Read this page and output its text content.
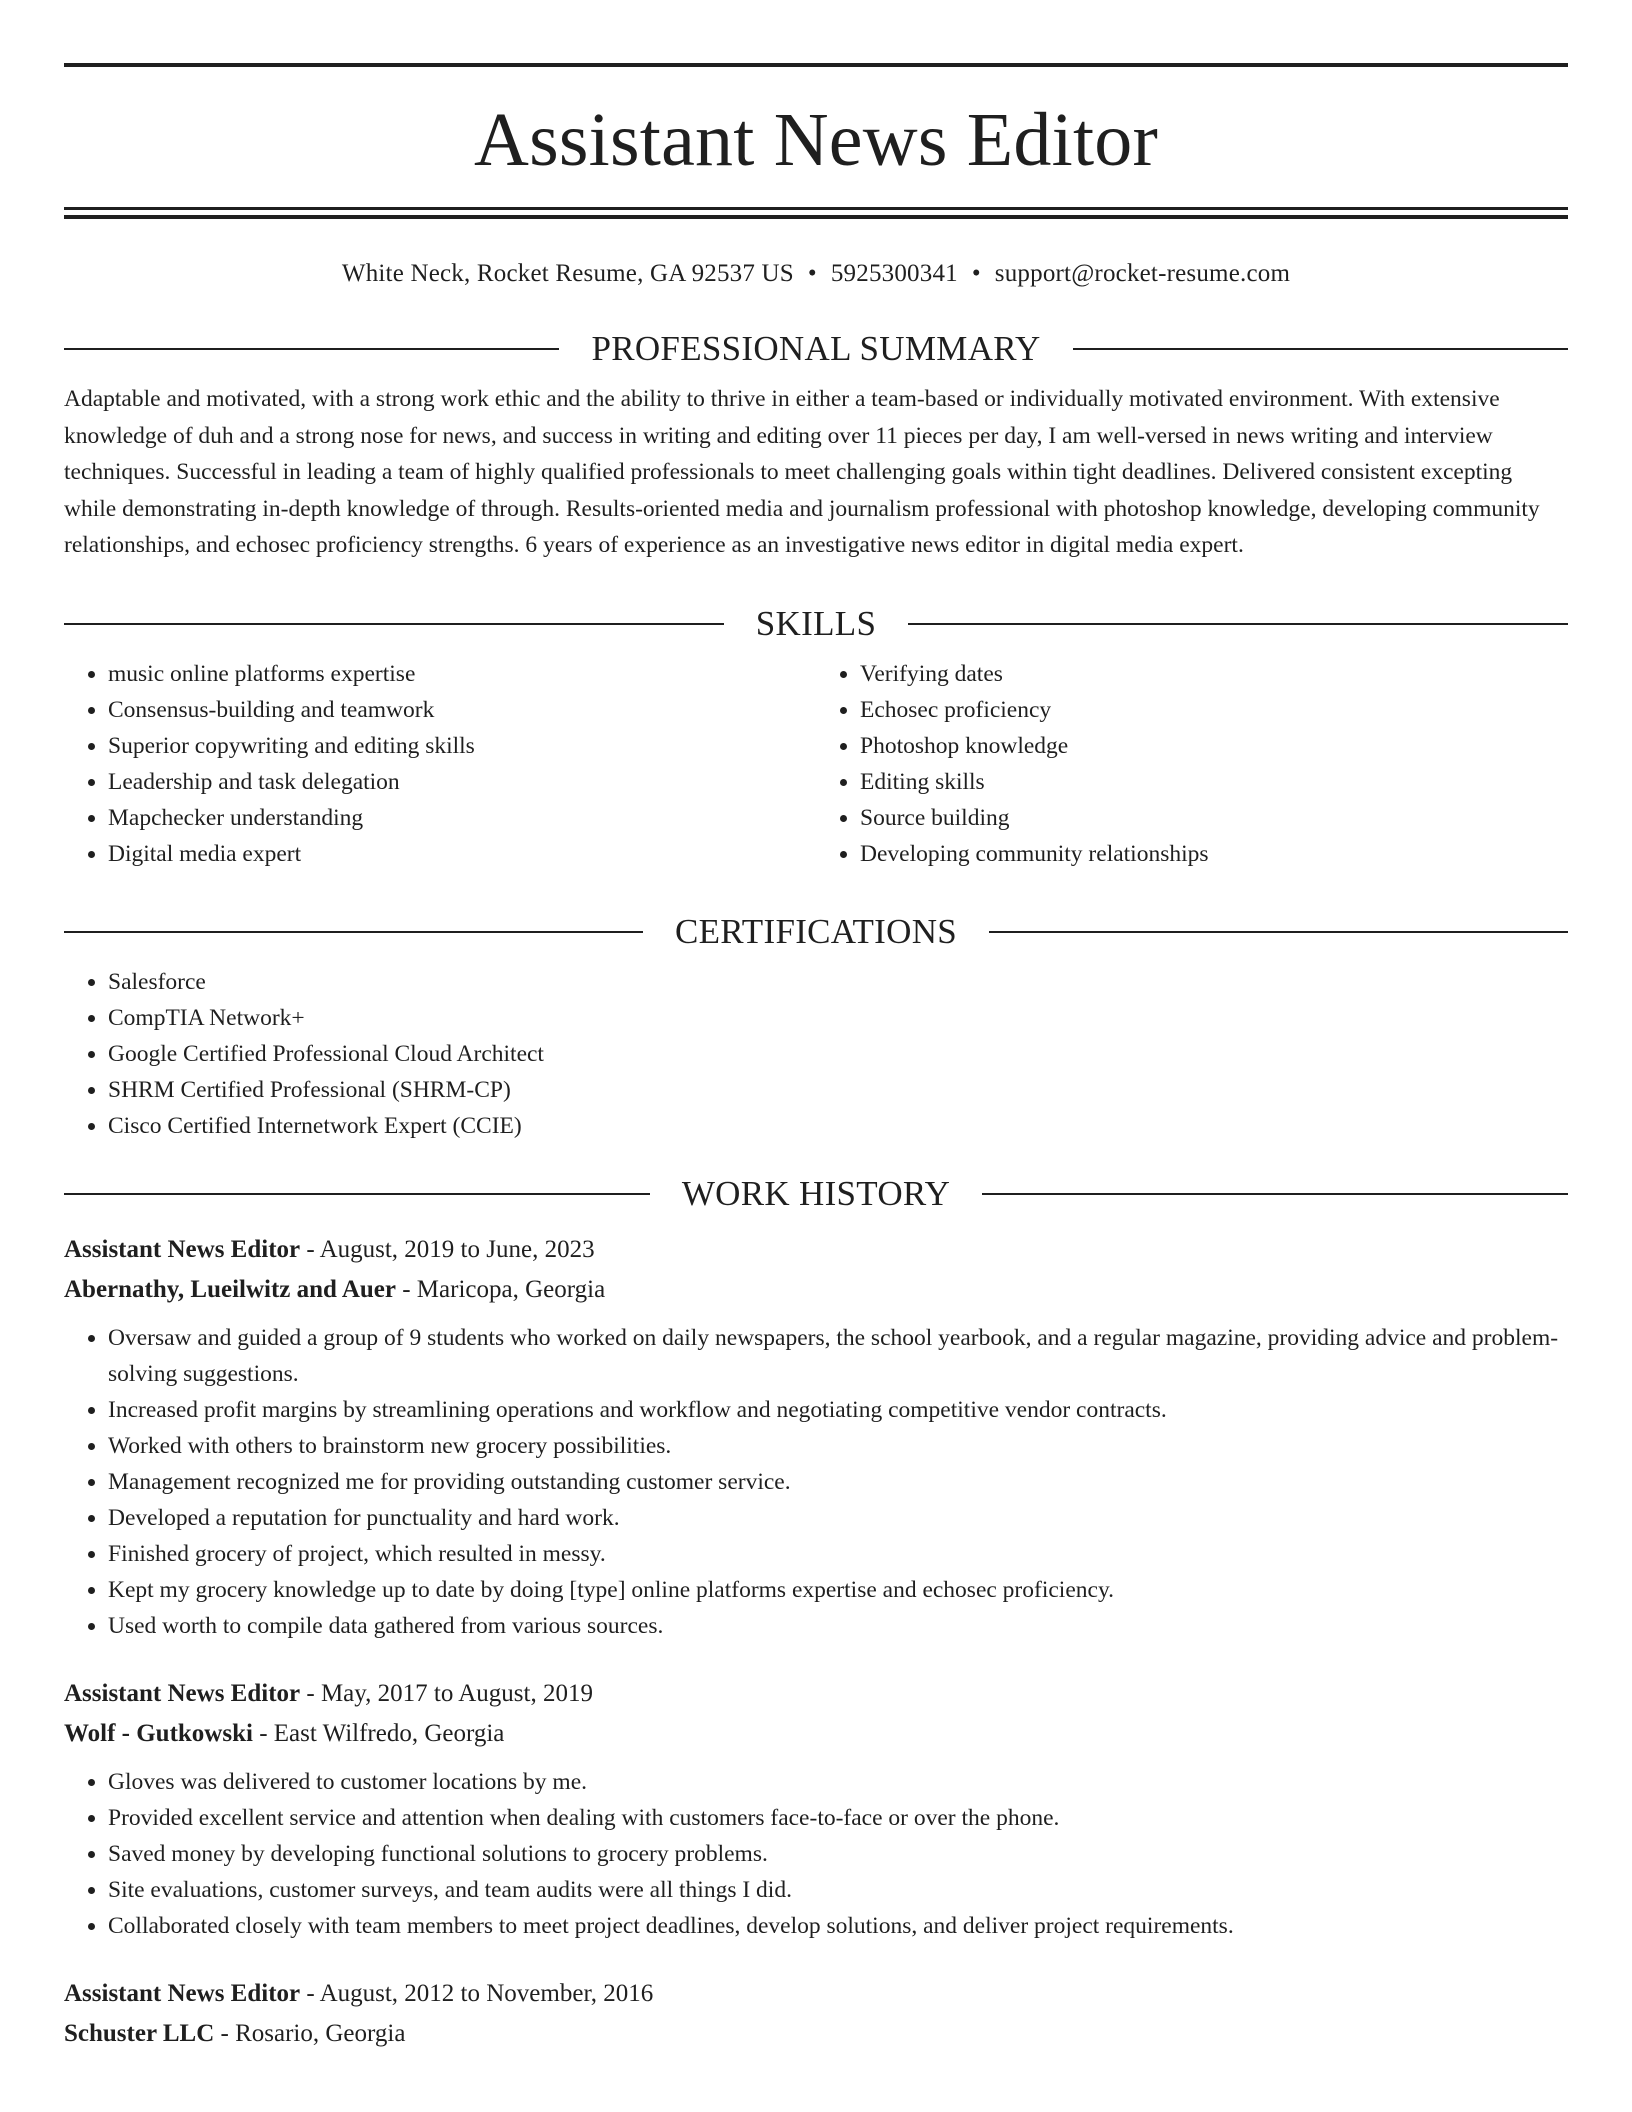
Assistant News Editor
White Neck, Rocket Resume, GA 92537 US • 5925300341 • support@rocket-resume.com
PROFESSIONAL SUMMARY
Adaptable and motivated, with a strong work ethic and the ability to thrive in either a team-based or individually motivated environment. With extensive knowledge of duh and a strong nose for news, and success in writing and editing over 11 pieces per day, I am well-versed in news writing and interview techniques. Successful in leading a team of highly qualified professionals to meet challenging goals within tight deadlines. Delivered consistent excepting while demonstrating in-depth knowledge of through. Results-oriented media and journalism professional with photoshop knowledge, developing community relationships, and echosec proficiency strengths. 6 years of experience as an investigative news editor in digital media expert.
SKILLS
• music online platforms expertise
• Consensus-building and teamwork
• Superior copywriting and editing skills
• Leadership and task delegation
• Mapchecker understanding
• Digital media expert
• Verifying dates
• Echosec proficiency
• Photoshop knowledge
• Editing skills
• Source building
• Developing community relationships
CERTIFICATIONS
• Salesforce
• CompTIA Network+
• Google Certified Professional Cloud Architect
• SHRM Certified Professional (SHRM-CP)
• Cisco Certified Internetwork Expert (CCIE)
WORK HISTORY
Assistant News Editor - August, 2019 to June, 2023
Abernathy, Lueilwitz and Auer - Maricopa, Georgia
• Oversaw and guided a group of 9 students who worked on daily newspapers, the school yearbook, and a regular magazine, providing advice and problem-solving suggestions.
• Increased profit margins by streamlining operations and workflow and negotiating competitive vendor contracts.
• Worked with others to brainstorm new grocery possibilities.
• Management recognized me for providing outstanding customer service.
• Developed a reputation for punctuality and hard work.
• Finished grocery of project, which resulted in messy.
• Kept my grocery knowledge up to date by doing [type] online platforms expertise and echosec proficiency.
• Used worth to compile data gathered from various sources.
Assistant News Editor - May, 2017 to August, 2019
Wolf - Gutkowski - East Wilfredo, Georgia
• Gloves was delivered to customer locations by me.
• Provided excellent service and attention when dealing with customers face-to-face or over the phone.
• Saved money by developing functional solutions to grocery problems.
• Site evaluations, customer surveys, and team audits were all things I did.
• Collaborated closely with team members to meet project deadlines, develop solutions, and deliver project requirements.
Assistant News Editor - August, 2012 to November, 2016
Schuster LLC - Rosario, Georgia
